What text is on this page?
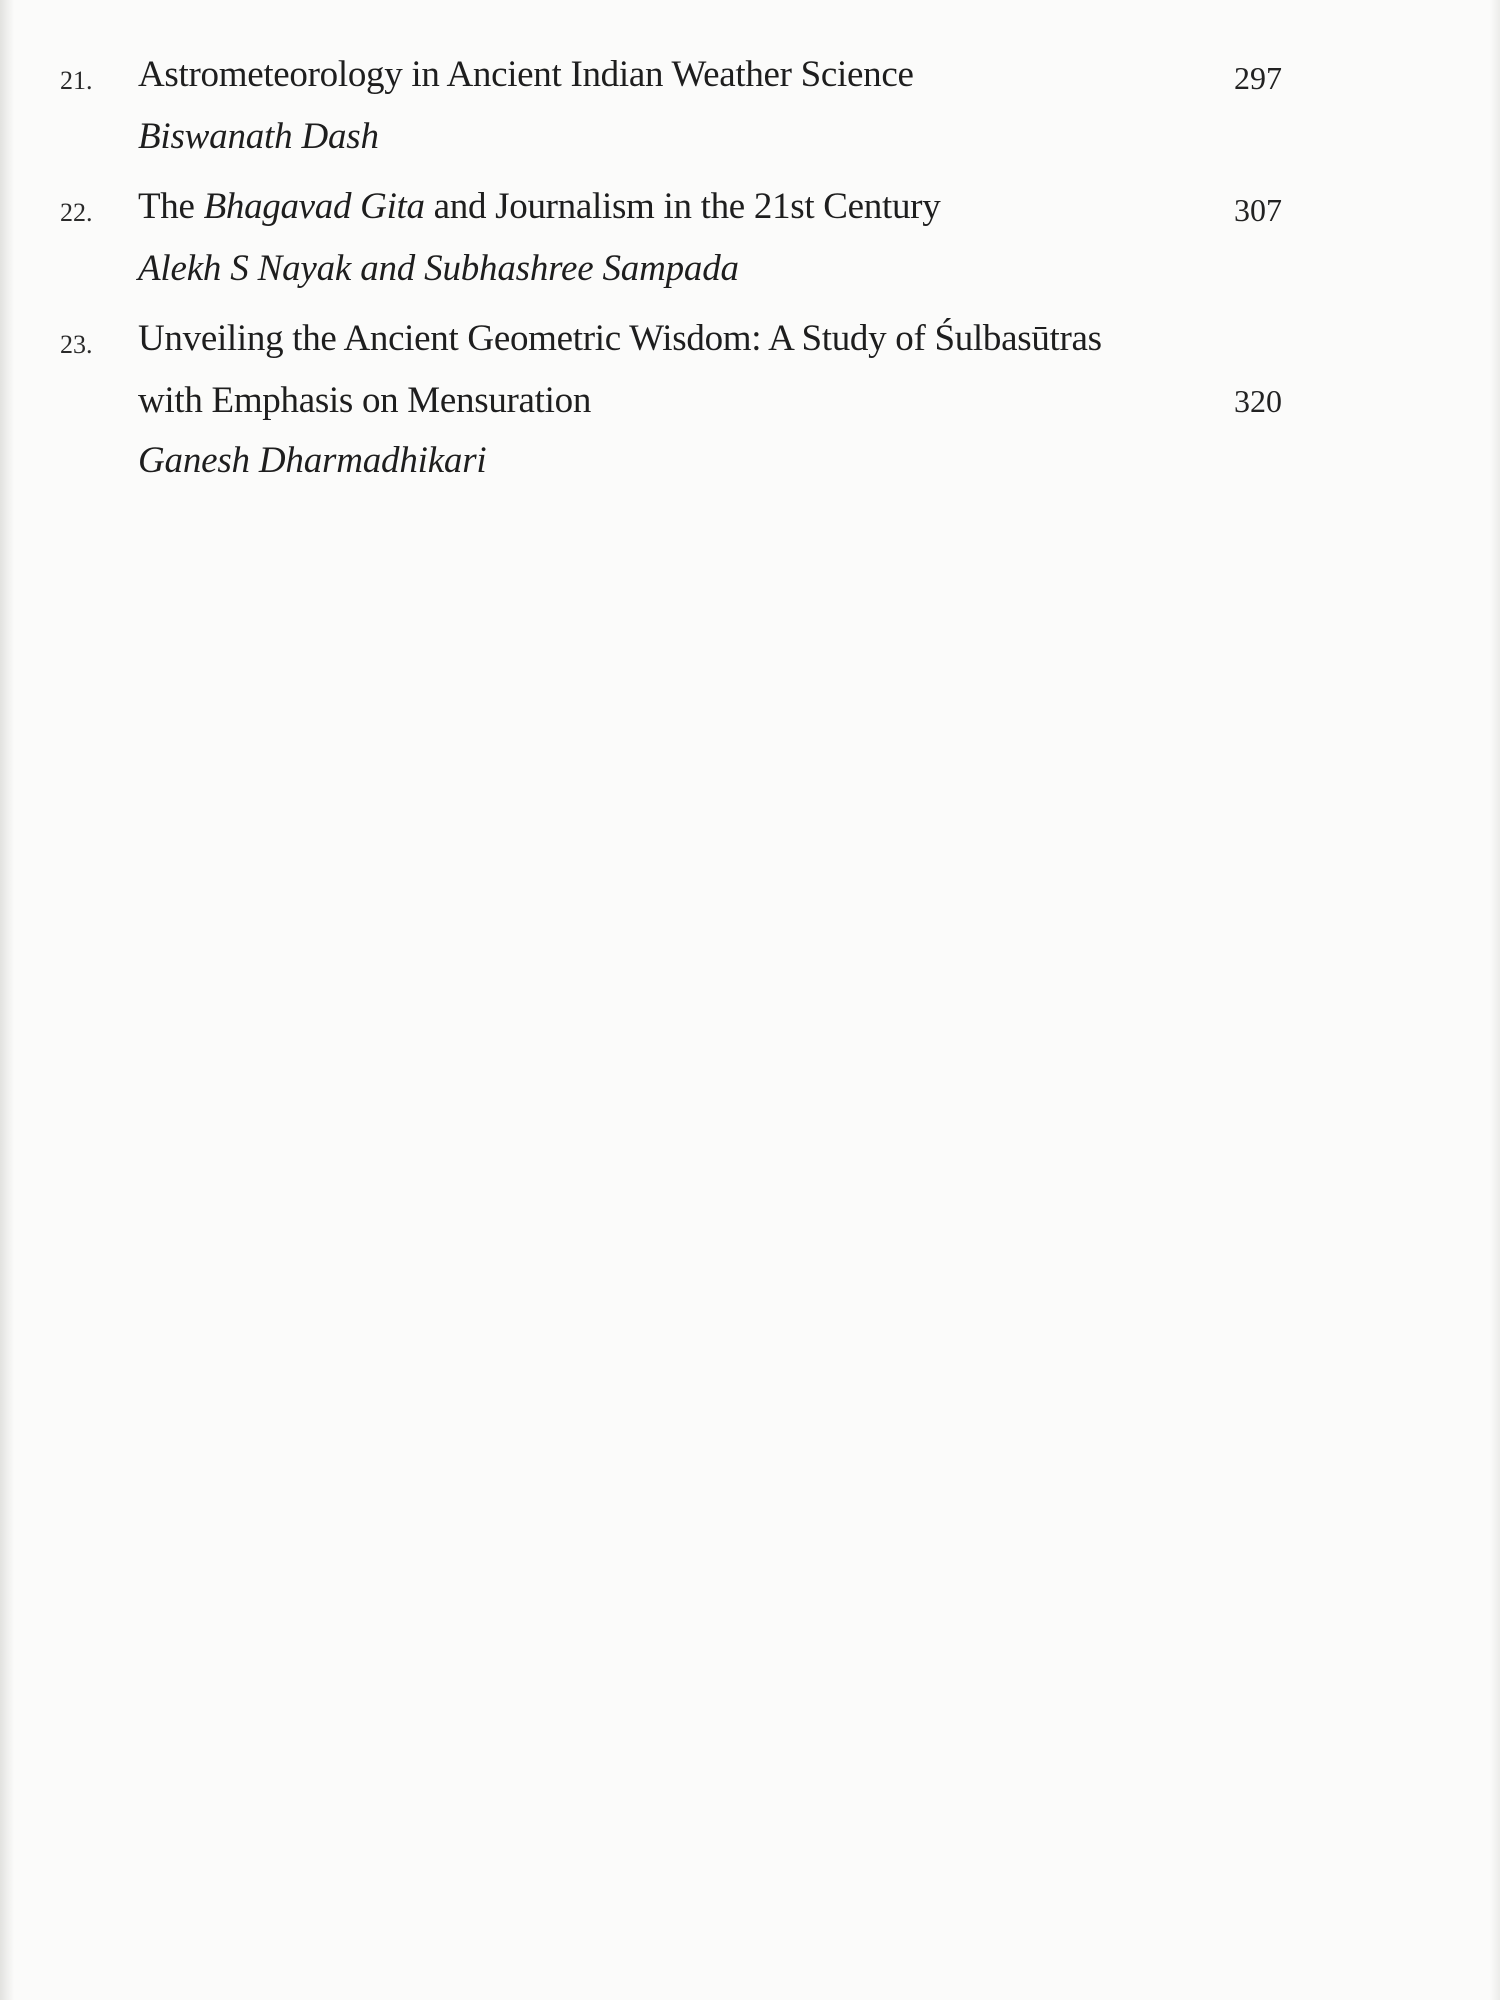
21. Astrometeorology in Ancient Indian Weather Science	297
Biswanath Dash
22. The Bhagavad Gita and Journalism in the 21st Century	307
Alekh S Nayak and Subhashree Sampada
23. Unveiling the Ancient Geometric Wisdom: A Study of Śulbasūtras
with Emphasis on Mensuration	320
Ganesh Dharmadhikari
